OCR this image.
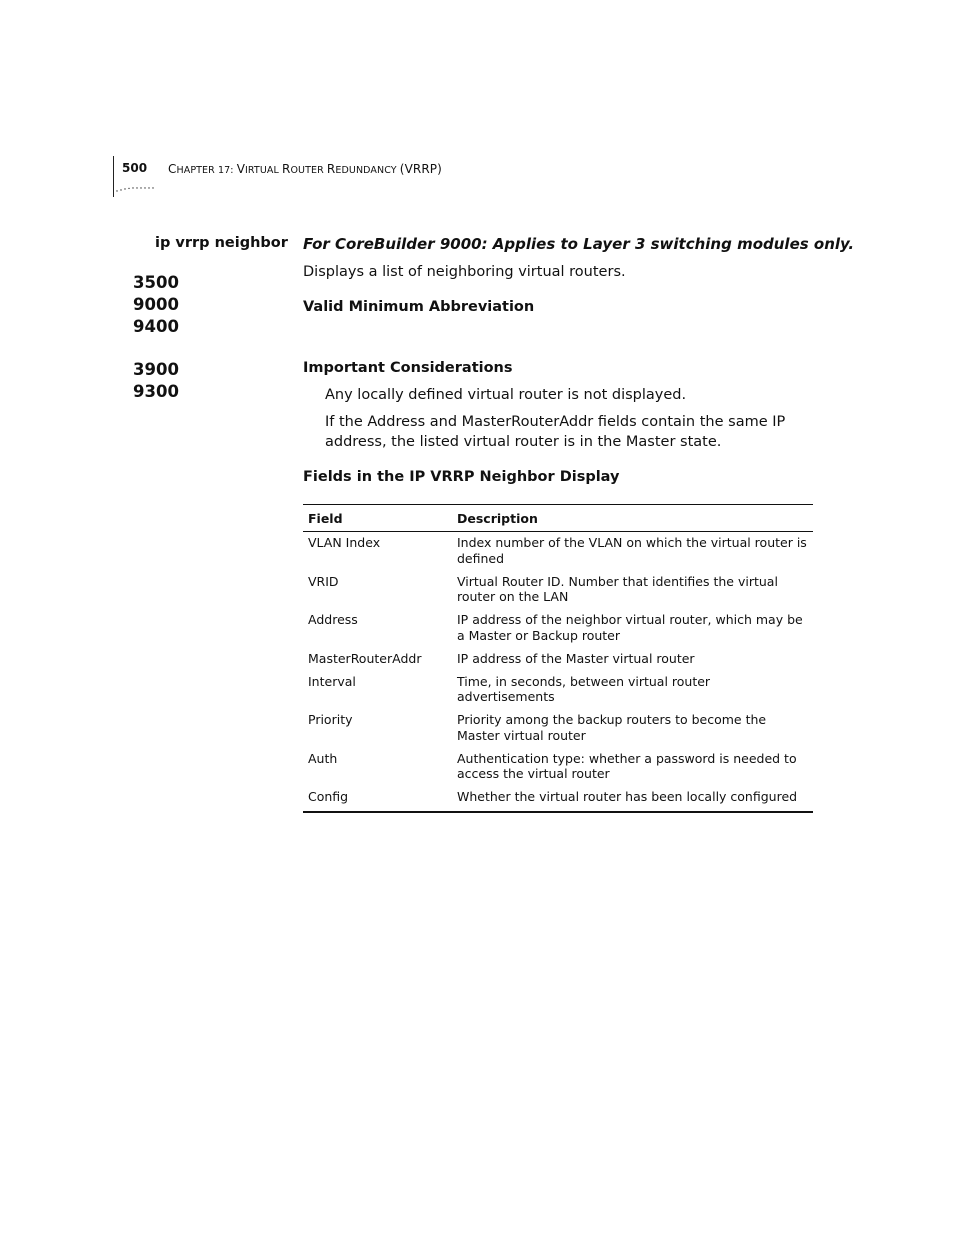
500 CHAPTER 17: VIRTUAL ROUTER REDUNDANCY (VRRP)
ip vrrp neighbor
3500
9000
9400
3900
9300
For CoreBuilder 9000: Applies to Layer 3 switching modules only.
Displays a list of neighboring virtual routers.
Valid Minimum Abbreviation
Important Considerations
Any locally defined virtual router is not displayed.
If the Address and MasterRouterAddr fields contain the same IP address, the listed virtual router is in the Master state.
Fields in the IP VRRP Neighbor Display
Field	Description
VLAN Index	Index number of the VLAN on which the virtual router is defined
VRID	Virtual Router ID. Number that identifies the virtual router on the LAN
Address	IP address of the neighbor virtual router, which may be a Master or Backup router
MasterRouterAddr	IP address of the Master virtual router
Interval	Time, in seconds, between virtual router advertisements
Priority	Priority among the backup routers to become the Master virtual router
Auth	Authentication type: whether a password is needed to access the virtual router
Config	Whether the virtual router has been locally configured
